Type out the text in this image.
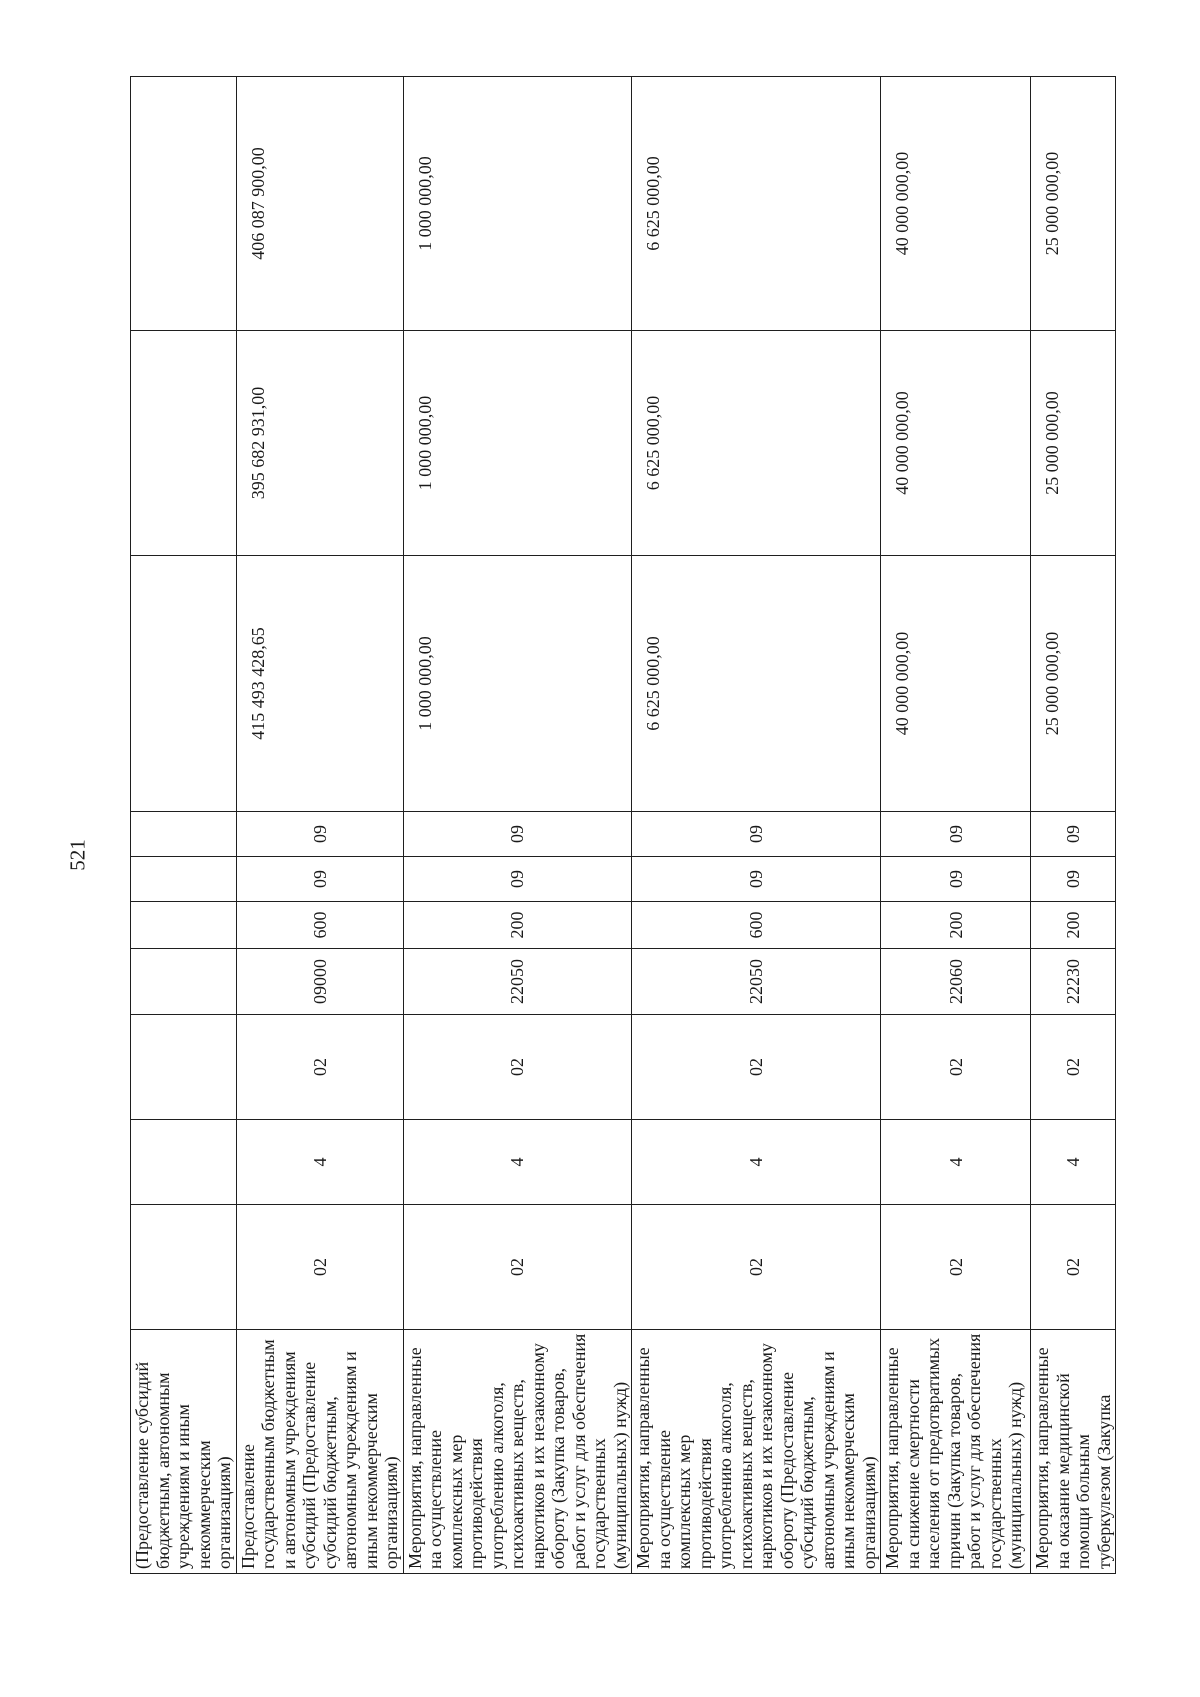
521
(Предоставление субсидий бюджетным, автономным учреждениям и иным некоммерческим организациям)										
Предоставление государственным бюджетным и автономным учреждениям субсидий (Предоставление субсидий бюджетным, автономным учреждениям и иным некоммерческим организациям)	02	4	02	09000	600	09	09	415 493 428,65	395 682 931,00	406 087 900,00
Мероприятия, направленные на осуществление комплексных мер противодействия употреблению алкоголя, психоактивных веществ, наркотиков и их незаконному обороту (Закупка товаров, работ и услуг для обеспечения государственных (муниципальных) нужд)	02	4	02	22050	200	09	09	1 000 000,00	1 000 000,00	1 000 000,00
Мероприятия, направленные на осуществление комплексных мер противодействия употреблению алкоголя, психоактивных веществ, наркотиков и их незаконному обороту (Предоставление субсидий бюджетным, автономным учреждениям и иным некоммерческим организациям)	02	4	02	22050	600	09	09	6 625 000,00	6 625 000,00	6 625 000,00
Мероприятия, направленные на снижение смертности населения от предотвратимых причин (Закупка товаров, работ и услуг для обеспечения государственных (муниципальных) нужд)	02	4	02	22060	200	09	09	40 000 000,00	40 000 000,00	40 000 000,00
Мероприятия, направленные на оказание медицинской помощи больным туберкулезом (Закупка	02	4	02	22230	200	09	09	25 000 000,00	25 000 000,00	25 000 000,00
